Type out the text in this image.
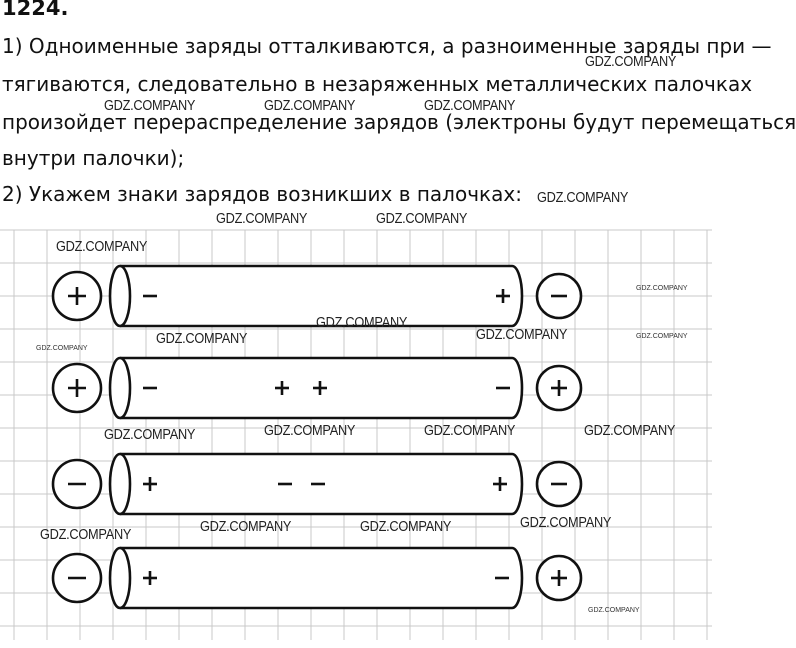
1224.
1) Одноименные заряды отталкиваются, а разноименные заряды при —
тягиваются, следовательно в незаряженных металлических палочках
произойдет перераспределение зарядов (электроны будут перемещаться
внутри палочки);
2) Укажем знаки зарядов возникших в палочках:
GDZ.COMPANY
GDZ.COMPANY	GDZ.COMPANY	GDZ.COMPANY
GDZ.COMPANY
GDZ.COMPANY	GDZ.COMPANY
GDZ.COMPANY
GDZ.COMPANY
GDZ.COMPANY	GDZ.COMPANY
GDZ.COMPANY	GDZ.COMPANY	GDZ.COMPANY	GDZ.COMPANY
GDZ.COMPANY	GDZ.COMPANY	GDZ.COMPANY
GDZ.COMPANY
GDZ.COMPANY
GDZ.COMPANY
GDZ.COMPANY
GDZ.COMPANY
